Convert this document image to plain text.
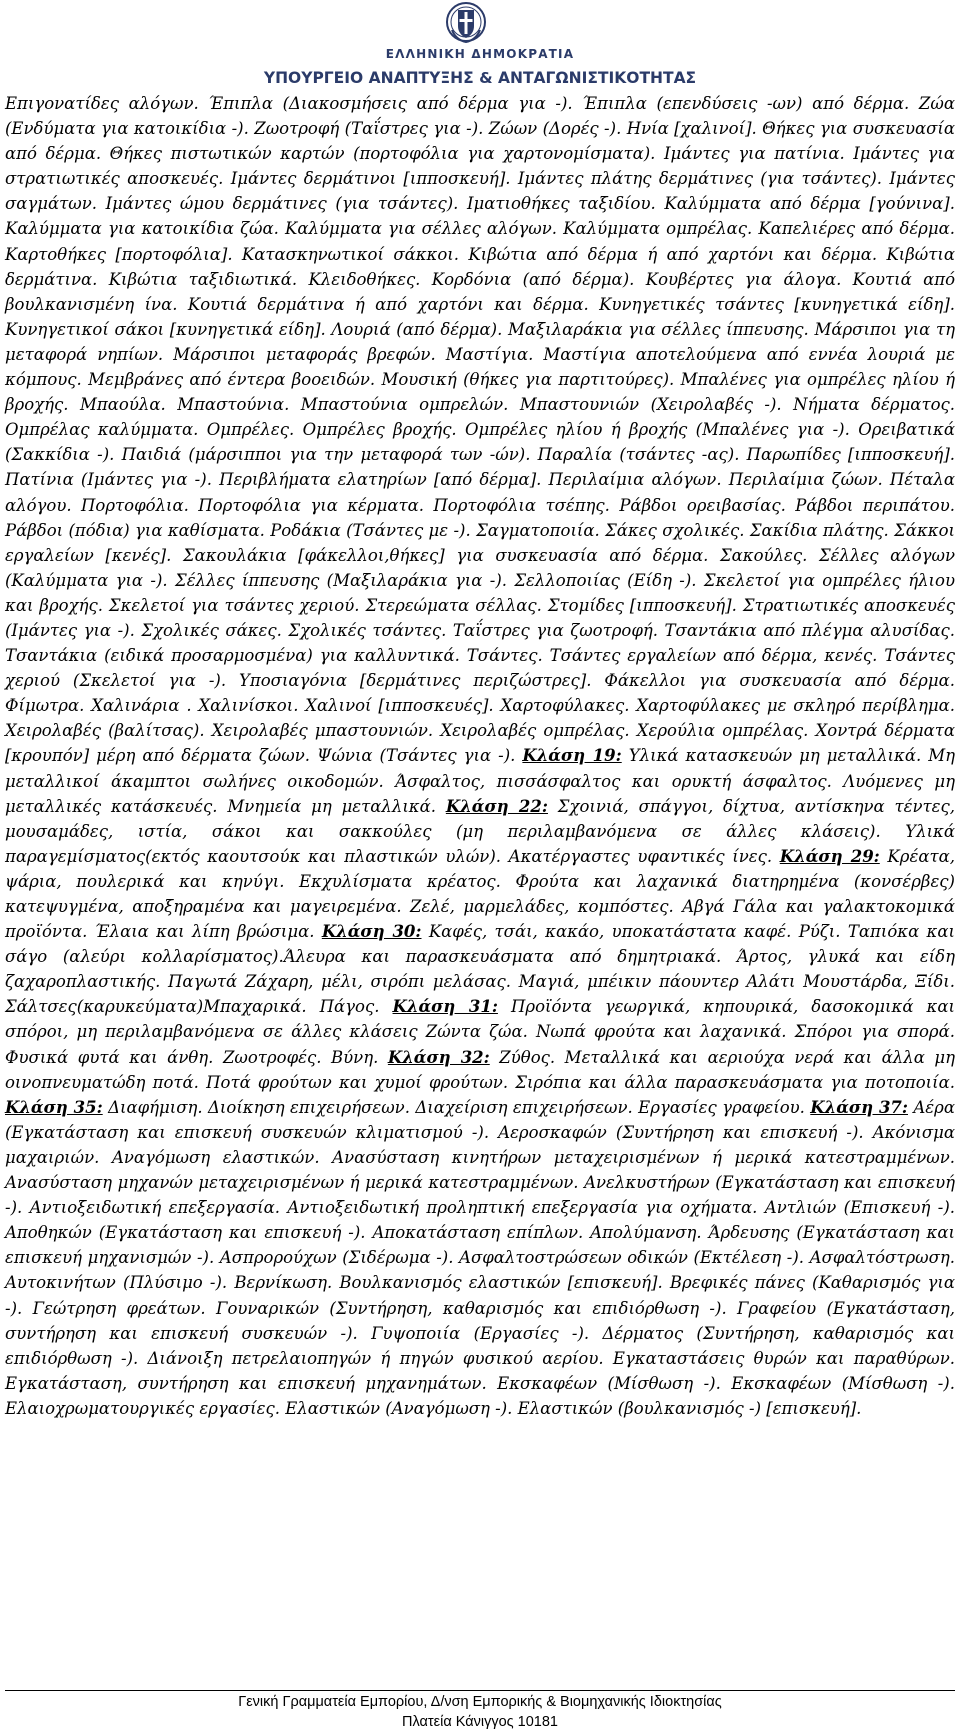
ΕΛΛΗΝΙΚΗ ΔΗΜΟΚΡΑΤΙΑ
ΥΠΟΥΡΓΕΙΟ ΑΝΑΠΤΥΞΗΣ & ΑΝΤΑΓΩΝΙΣΤΙΚΟΤΗΤΑΣ
Επιγονατίδες αλόγων. Έπιπλα (Διακοσμήσεις από δέρμα για -). Έπιπλα (επενδύσεις -ων) από δέρμα. Ζώα (Ενδύματα για κατοικίδια -). Ζωοτροφή (Ταΐστρες για -). Ζώων (Δορές -). Ηνία [χαλινοί]. Θήκες για συσκευασία από δέρμα. Θήκες πιστωτικών καρτών (πορτοφόλια για χαρτονομίσματα). Ιμάντες για πατίνια. Ιμάντες για στρατιωτικές αποσκευές. Ιμάντες δερμάτινοι [ιπποσκευή]. Ιμάντες πλάτης δερμάτινες (για τσάντες). Ιμάντες σαγμάτων. Ιμάντες ώμου δερμάτινες (για τσάντες). Ιματιοθήκες ταξιδίου. Καλύμματα από δέρμα [γούνινα]. Καλύμματα για κατοικίδια ζώα. Καλύμματα για σέλλες αλόγων. Καλύμματα ομπρέλας. Καπελιέρες από δέρμα. Καρτοθήκες [πορτοφόλια]. Κατασκηνωτικοί σάκκοι. Κιβώτια από δέρμα ή από χαρτόνι και δέρμα. Κιβώτια δερμάτινα. Κιβώτια ταξιδιωτικά. Κλειδοθήκες. Κορδόνια (από δέρμα). Κουβέρτες για άλογα. Κουτιά από βουλκανισμένη ίνα. Κουτιά δερμάτινα ή από χαρτόνι και δέρμα. Κυνηγετικές τσάντες [κυνηγετικά είδη]. Κυνηγετικοί σάκοι [κυνηγετικά είδη]. Λουριά (από δέρμα). Μαξιλαράκια για σέλλες ίππευσης. Μάρσιποι για τη μεταφορά νηπίων. Μάρσιποι μεταφοράς βρεφών. Μαστίγια. Μαστίγια αποτελούμενα από εννέα λουριά με κόμπους. Μεμβράνες από έντερα βοοειδών. Μουσική (θήκες για παρτιτούρες). Μπαλένες για ομπρέλες ηλίου ή βροχής. Μπαούλα. Μπαστούνια. Μπαστούνια ομπρελών. Μπαστουνιών (Χειρολαβές -). Νήματα δέρματος. Ομπρέλας καλύμματα. Ομπρέλες. Ομπρέλες βροχής. Ομπρέλες ηλίου ή βροχής (Μπαλένες για -). Ορειβατικά (Σακκίδια -). Παιδιά (μάρσιπποι για την μεταφορά των -ών). Παραλία (τσάντες -ας). Παρωπίδες [ιπποσκευή]. Πατίνια (Ιμάντες για -). Περιβλήματα ελατηρίων [από δέρμα]. Περιλαίμια αλόγων. Περιλαίμια ζώων. Πέταλα αλόγου. Πορτοφόλια. Πορτοφόλια για κέρματα. Πορτοφόλια τσέπης. Ράβδοι ορειβασίας. Ράβδοι περιπάτου. Ράβδοι (πόδια) για καθίσματα. Ροδάκια (Τσάντες με -). Σαγματοποιία. Σάκες σχολικές. Σακίδια πλάτης. Σάκκοι εργαλείων [κενές]. Σακουλάκια [φάκελλοι,θήκες] για συσκευασία από δέρμα. Σακούλες. Σέλλες αλόγων (Καλύμματα για -). Σέλλες ίππευσης (Μαξιλαράκια για -). Σελλοποιίας (Είδη -). Σκελετοί για ομπρέλες ήλιου και βροχής. Σκελετοί για τσάντες χεριού. Στερεώματα σέλλας. Στομίδες [ιπποσκευή]. Στρατιωτικές αποσκευές (Ιμάντες για -). Σχολικές σάκες. Σχολικές τσάντες. Ταΐστρες για ζωοτροφή. Τσαντάκια από πλέγμα αλυσίδας. Τσαντάκια (ειδικά προσαρμοσμένα) για καλλυντικά. Τσάντες. Τσάντες εργαλείων από δέρμα, κενές. Τσάντες χεριού (Σκελετοί για -). Υποσιαγόνια [δερμάτινες περιζώστρες]. Φάκελλοι για συσκευασία από δέρμα. Φίμωτρα. Χαλινάρια . Χαλινίσκοι. Χαλινοί [ιπποσκευές]. Χαρτοφύλακες. Χαρτοφύλακες με σκληρό περίβλημα. Χειρολαβές (βαλίτσας). Χειρολαβές μπαστουνιών. Χειρολαβές ομπρέλας. Χερούλια ομπρέλας. Χοντρά δέρματα [κρουπόν] μέρη από δέρματα ζώων. Ψώνια (Τσάντες για -). Κλάση 19: Υλικά κατασκευών μη μεταλλικά. Μη μεταλλικοί άκαμπτοι σωλήνες οικοδομών. Άσφαλτος, πισσάσφαλτος και ορυκτή άσφαλτος. Λυόμενες μη μεταλλικές κατάσκευές. Μνημεία μη μεταλλικά. Κλάση 22: Σχοινιά, σπάγγοι, δίχτυα, αντίσκηνα τέντες, μουσαμάδες, ιστία, σάκοι και σακκούλες (μη περιλαμβανόμενα σε άλλες κλάσεις). Υλικά παραγεμίσματος(εκτός καουτσούκ και πλαστικών υλών). Ακατέργαστες υφαντικές ίνες. Κλάση 29: Κρέατα, ψάρια, πουλερικά και κηνύγι. Εκχυλίσματα κρέατος. Φρούτα και λαχανικά διατηρημένα (κονσέρβες) κατεψυγμένα, αποξηραμένα και μαγειρεμένα. Ζελέ, μαρμελάδες, κομπόστες. Αβγά Γάλα και γαλακτοκομικά προϊόντα. Έλαια και λίπη βρώσιμα. Κλάση 30: Καφές, τσάι, κακάο, υποκατάστατα καφέ. Ρύζι. Ταπιόκα και σάγο (αλεύρι κολλαρίσματος).Άλευρα και παρασκευάσματα από δημητριακά. Άρτος, γλυκά και είδη ζαχαροπλαστικής. Παγωτά Ζάχαρη, μέλι, σιρόπι μελάσας. Μαγιά, μπέικιν πάουντερ Αλάτι Μουστάρδα, Ξίδι. Σάλτσες(καρυκεύματα)Μπαχαρικά. Πάγος. Κλάση 31: Προϊόντα γεωργικά, κηπουρικά, δασοκομικά και σπόροι, μη περιλαμβανόμενα σε άλλες κλάσεις Ζώντα ζώα. Νωπά φρούτα και λαχανικά. Σπόροι για σπορά. Φυσικά φυτά και άνθη. Ζωοτροφές. Βύνη. Κλάση 32: Ζύθος. Μεταλλικά και αεριούχα νερά και άλλα μη οινοπνευματώδη ποτά. Ποτά φρούτων και χυμοί φρούτων. Σιρόπια και άλλα παρασκευάσματα για ποτοποιία. Κλάση 35: Διαφήμιση. Διοίκηση επιχειρήσεων. Διαχείριση επιχειρήσεων. Εργασίες γραφείου. Κλάση 37: Αέρα (Εγκατάσταση και επισκευή συσκευών κλιματισμού -). Αεροσκαφών (Συντήρηση και επισκευή -). Ακόνισμα μαχαιριών. Αναγόμωση ελαστικών. Ανασύσταση κινητήρων μεταχειρισμένων ή μερικά κατεστραμμένων. Ανασύσταση μηχανών μεταχειρισμένων ή μερικά κατεστραμμένων. Ανελκυστήρων (Εγκατάσταση και επισκευή -). Αντιοξειδωτική επεξεργασία. Αντιοξειδωτική προληπτική επεξεργασία για οχήματα. Αντλιών (Επισκευή -). Αποθηκών (Εγκατάσταση και επισκευή -). Αποκατάσταση επίπλων. Απολύμανση. Άρδευσης (Εγκατάσταση και επισκευή μηχανισμών -). Ασπρορούχων (Σιδέρωμα -). Ασφαλτοστρώσεων οδικών (Εκτέλεση -). Ασφαλτόστρωση. Αυτοκινήτων (Πλύσιμο -). Βερνίκωση. Βουλκανισμός ελαστικών [επισκευή]. Βρεφικές πάνες (Καθαρισμός για -). Γεώτρηση φρεάτων. Γουναρικών (Συντήρηση, καθαρισμός και επιδιόρθωση -). Γραφείου (Εγκατάσταση, συντήρηση και επισκευή συσκευών -). Γυψοποιία (Εργασίες -). Δέρματος (Συντήρηση, καθαρισμός και επιδιόρθωση -). Διάνοιξη πετρελαιοπηγών ή πηγών φυσικού αερίου. Εγκαταστάσεις θυρών και παραθύρων. Εγκατάσταση, συντήρηση και επισκευή μηχανημάτων. Εκσκαφέων (Μίσθωση -). Εκσκαφέων (Μίσθωση -). Ελαιοχρωματουργικές εργασίες. Ελαστικών (Αναγόμωση -). Ελαστικών (βουλκανισμός -) [επισκευή].
Γενική Γραμματεία Εμπορίου, Δ/νση Εμπορικής & Βιομηχανικής Ιδιοκτησίας
Πλατεία Κάνιγγος 10181
